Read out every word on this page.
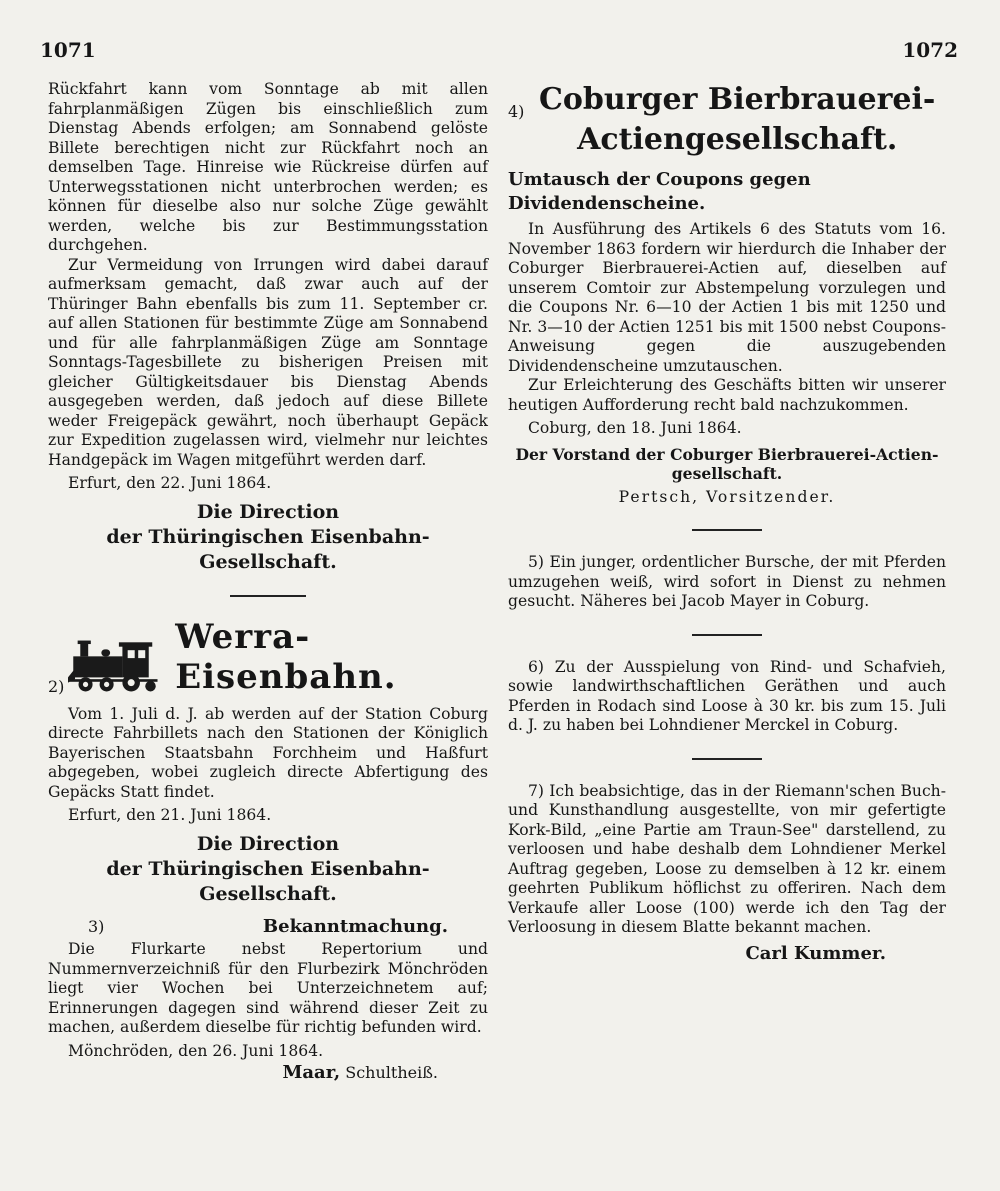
1071	1072

Rückfahrt kann vom Sonntage ab mit allen fahrplanmäßigen Zügen bis einschließlich zum Dienstag Abends erfolgen; am Sonnabend gelöste Billete berechtigen nicht zur Rückfahrt noch an demselben Tage. Hinreise wie Rückreise dürfen auf Unterwegsstationen nicht unterbrochen werden; es können für dieselbe also nur solche Züge gewählt werden, welche bis zur Bestimmungsstation durchgehen.

Zur Vermeidung von Irrungen wird dabei darauf aufmerksam gemacht, daß zwar auch auf der Thüringer Bahn ebenfalls bis zum 11. September cr. auf allen Stationen für bestimmte Züge am Sonnabend und für alle fahrplanmäßigen Züge am Sonntage Sonntags-Tagesbillete zu bisherigen Preisen mit gleicher Gültigkeitsdauer bis Dienstag Abends ausgegeben werden, daß jedoch auf diese Billete weder Freigepäck gewährt, noch überhaupt Gepäck zur Expedition zugelassen wird, vielmehr nur leichtes Handgepäck im Wagen mitgeführt werden darf.

Erfurt, den 22. Juni 1864.

Die Direction
der Thüringischen Eisenbahn-
Gesellschaft.
2)
Werra-Eisenbahn.

Vom 1. Juli d. J. ab werden auf der Station Coburg directe Fahrbillets nach den Stationen der Königlich Bayerischen Staatsbahn Forchheim und Haßfurt abgegeben, wobei zugleich directe Abfertigung des Gepäcks Statt findet.

Erfurt, den 21. Juni 1864.

Die Direction
der Thüringischen Eisenbahn-
Gesellschaft.
3)	Bekanntmachung.

Die Flurkarte nebst Repertorium und Nummernverzeichniß für den Flurbezirk Mönchröden liegt vier Wochen bei Unterzeichnetem auf; Erinnerungen dagegen sind während dieser Zeit zu machen, außerdem dieselbe für richtig befunden wird.

Mönchröden, den 26. Juni 1864.

Maar, Schultheiß.
4) Coburger Bierbrauerei-
Actiengesellschaft.
Umtausch der Coupons gegen Dividendenscheine.

In Ausführung des Artikels 6 des Statuts vom 16. November 1863 fordern wir hierdurch die Inhaber der Coburger Bierbrauerei-Actien auf, dieselben auf unserem Comtoir zur Abstempelung vorzulegen und die Coupons Nr. 6—10 der Actien 1 bis mit 1250 und Nr. 3—10 der Actien 1251 bis mit 1500 nebst Coupons-Anweisung gegen die auszugebenden Dividendenscheine umzutauschen.

Zur Erleichterung des Geschäfts bitten wir unserer heutigen Aufforderung recht bald nachzukommen.

Coburg, den 18. Juni 1864.

Der Vorstand der Coburger Bierbrauerei-Actien-
gesellschaft.
Pertsch, Vorsitzender.

5) Ein junger, ordentlicher Bursche, der mit Pferden umzugehen weiß, wird sofort in Dienst zu nehmen gesucht. Näheres bei Jacob Mayer in Coburg.

6) Zu der Ausspielung von Rind- und Schafvieh, sowie landwirthschaftlichen Geräthen und auch Pferden in Rodach sind Loose à 30 kr. bis zum 15. Juli d. J. zu haben bei Lohndiener Merckel in Coburg.

7) Ich beabsichtige, das in der Riemann'schen Buch- und Kunsthandlung ausgestellte, von mir gefertigte Kork-Bild, „eine Partie am Traun-See" darstellend, zu verloosen und habe deshalb dem Lohndiener Merkel Auftrag gegeben, Loose zu demselben à 12 kr. einem geehrten Publikum höflichst zu offeriren. Nach dem Verkaufe aller Loose (100) werde ich den Tag der Verloosung in diesem Blatte bekannt machen.

Carl Kummer.
